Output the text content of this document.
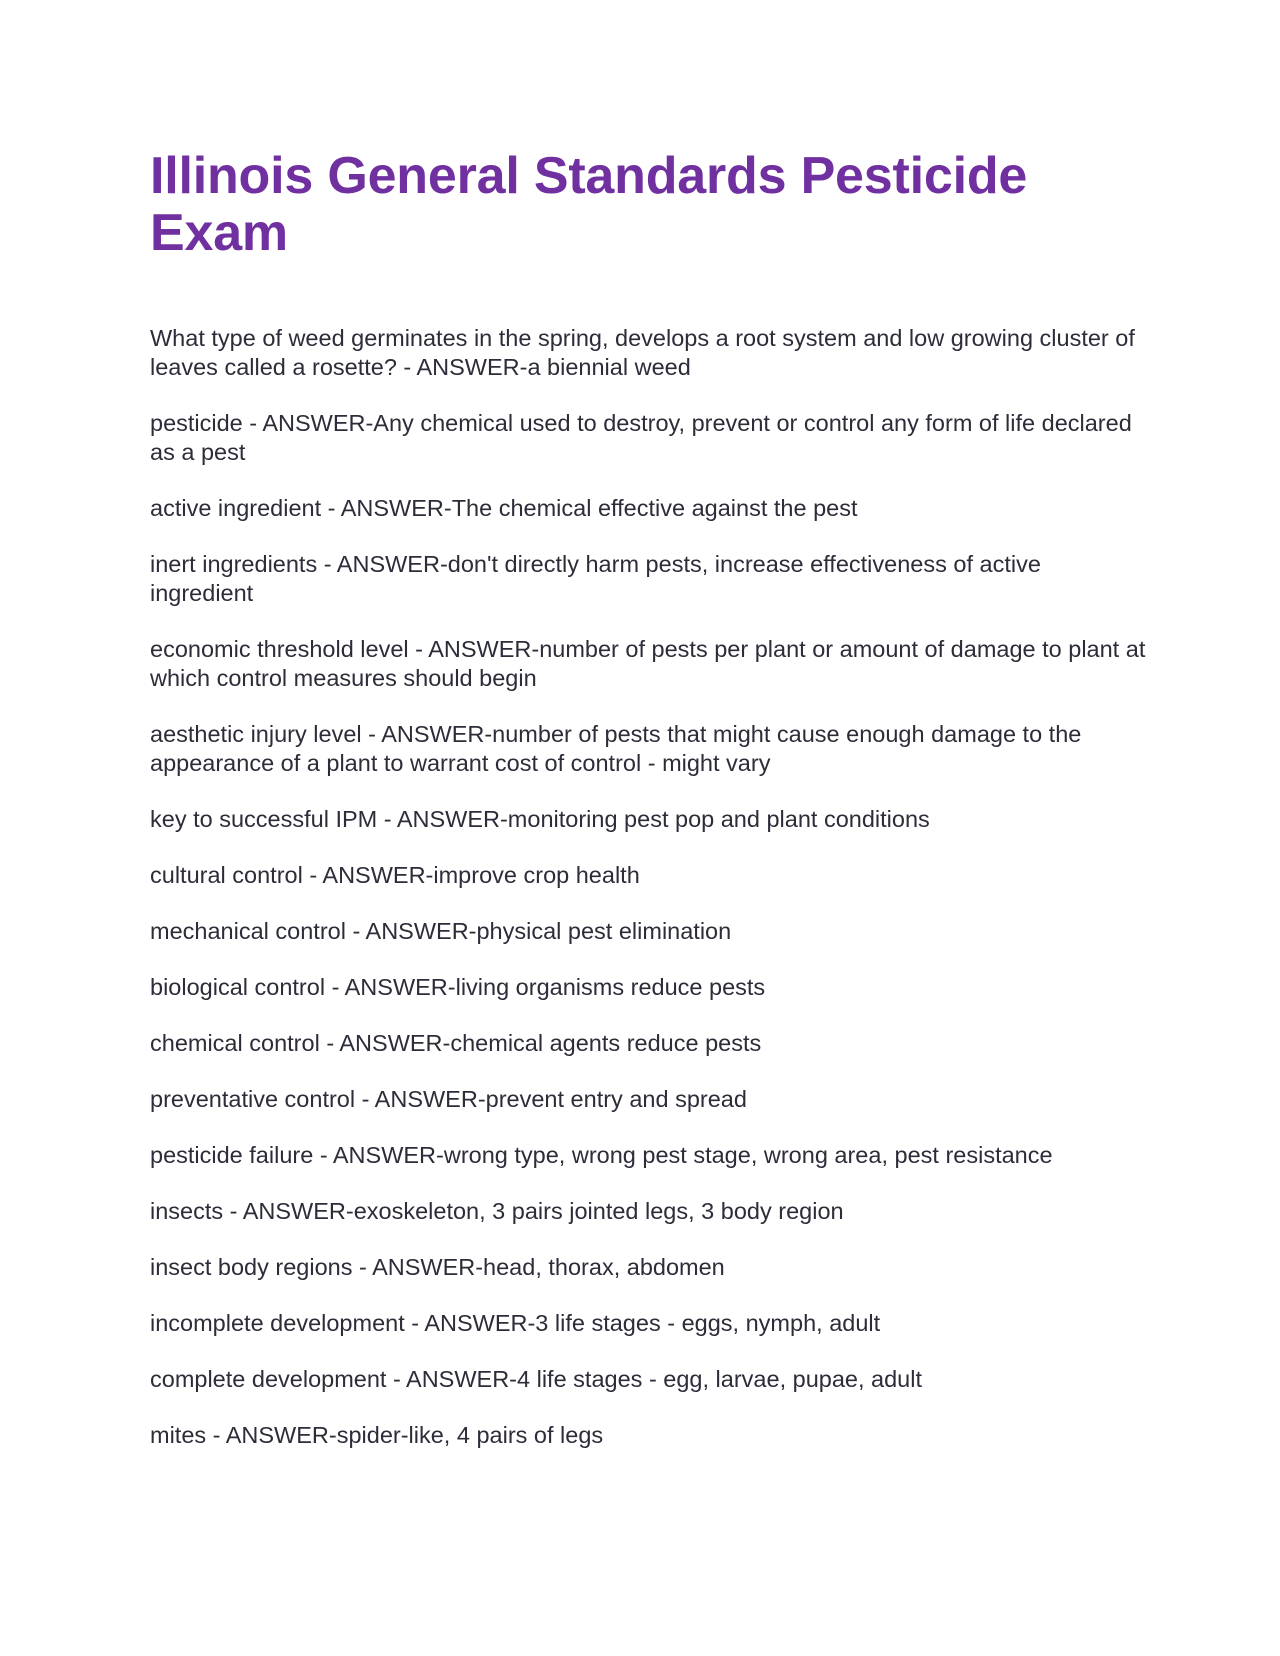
Illinois General Standards Pesticide
Exam

What type of weed germinates in the spring, develops a root system and low growing cluster of leaves called a rosette? - ANSWER-a biennial weed

pesticide - ANSWER-Any chemical used to destroy, prevent or control any form of life declared as a pest

active ingredient - ANSWER-The chemical effective against the pest

inert ingredients - ANSWER-don't directly harm pests, increase effectiveness of active ingredient

economic threshold level - ANSWER-number of pests per plant or amount of damage to plant at which control measures should begin

aesthetic injury level - ANSWER-number of pests that might cause enough damage to the appearance of a plant to warrant cost of control - might vary

key to successful IPM - ANSWER-monitoring pest pop and plant conditions

cultural control - ANSWER-improve crop health

mechanical control - ANSWER-physical pest elimination

biological control - ANSWER-living organisms reduce pests

chemical control - ANSWER-chemical agents reduce pests

preventative control - ANSWER-prevent entry and spread

pesticide failure - ANSWER-wrong type, wrong pest stage, wrong area, pest resistance

insects - ANSWER-exoskeleton, 3 pairs jointed legs, 3 body region

insect body regions - ANSWER-head, thorax, abdomen

incomplete development - ANSWER-3 life stages - eggs, nymph, adult

complete development - ANSWER-4 life stages - egg, larvae, pupae, adult

mites - ANSWER-spider-like, 4 pairs of legs
